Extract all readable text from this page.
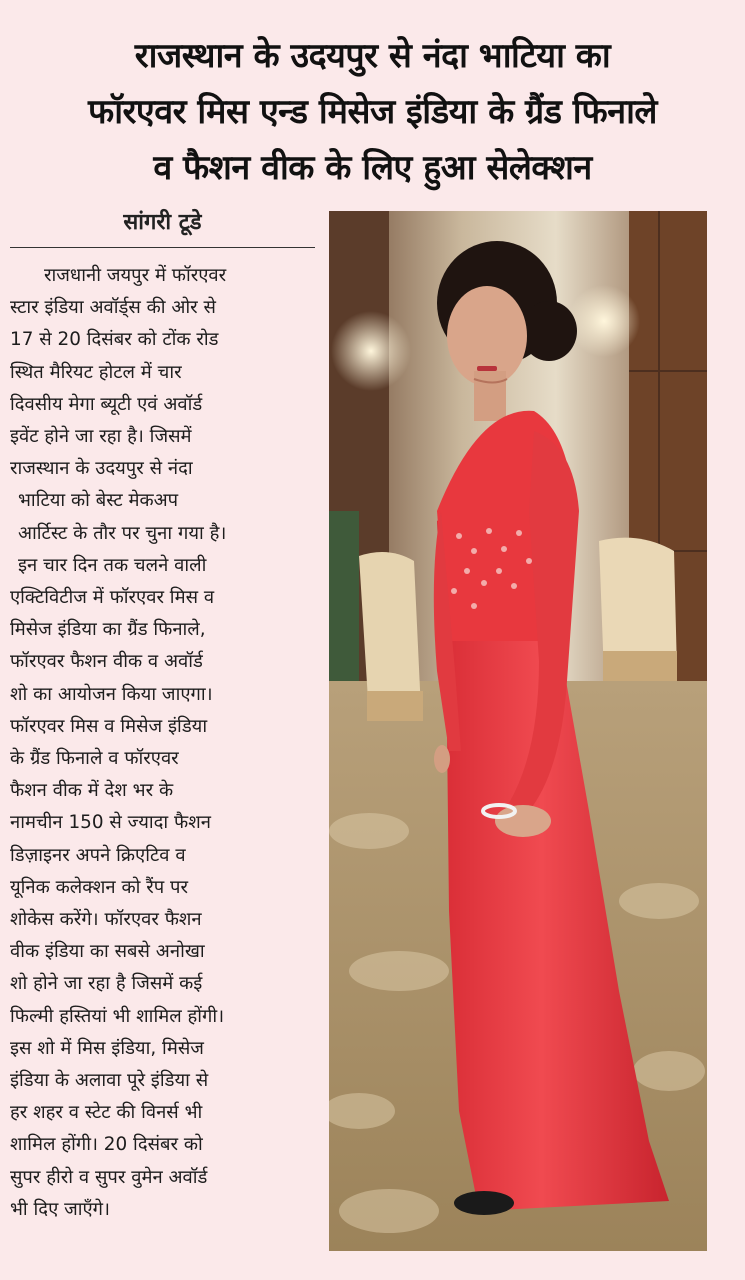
राजस्थान के उदयपुर से नंदा भाटिया का
फॉरएवर मिस एन्ड मिसेज इंडिया के ग्रैंड फिनाले
व फैशन वीक के लिए हुआ सेलेक्शन
सांगरी टूडे
राजधानी जयपुर में फॉरएवर
स्टार इंडिया अवॉर्ड्स की ओर से
17 से 20 दिसंबर को टोंक रोड
स्थित मैरियट होटल में चार
दिवसीय मेगा ब्यूटी एवं अवॉर्ड
इवेंट होने जा रहा है। जिसमें
राजस्थान के उदयपुर से नंदा
भाटिया को बेस्ट मेकअप
आर्टिस्ट के तौर पर चुना गया है।
इन चार दिन तक चलने वाली
एक्टिविटीज में फॉरएवर मिस व
मिसेज इंडिया का ग्रैंड फिनाले,
फॉरएवर फैशन वीक व अवॉर्ड
शो का आयोजन किया जाएगा।
फॉरएवर मिस व मिसेज इंडिया
के ग्रैंड फिनाले व फॉरएवर
फैशन वीक में देश भर के
नामचीन 150 से ज्यादा फैशन
डिज़ाइनर अपने क्रिएटिव व
यूनिक कलेक्शन को रैंप पर
शोकेस करेंगे। फॉरएवर फैशन
वीक इंडिया का सबसे अनोखा
शो होने जा रहा है जिसमें कई
फिल्मी हस्तियां भी शामिल होंगी।
इस शो में मिस इंडिया, मिसेज
इंडिया के अलावा पूरे इंडिया से
हर शहर व स्टेट की विनर्स भी
शामिल होंगी। 20 दिसंबर को
सुपर हीरो व सुपर वुमेन अवॉर्ड
भी दिए जाएँगे।
